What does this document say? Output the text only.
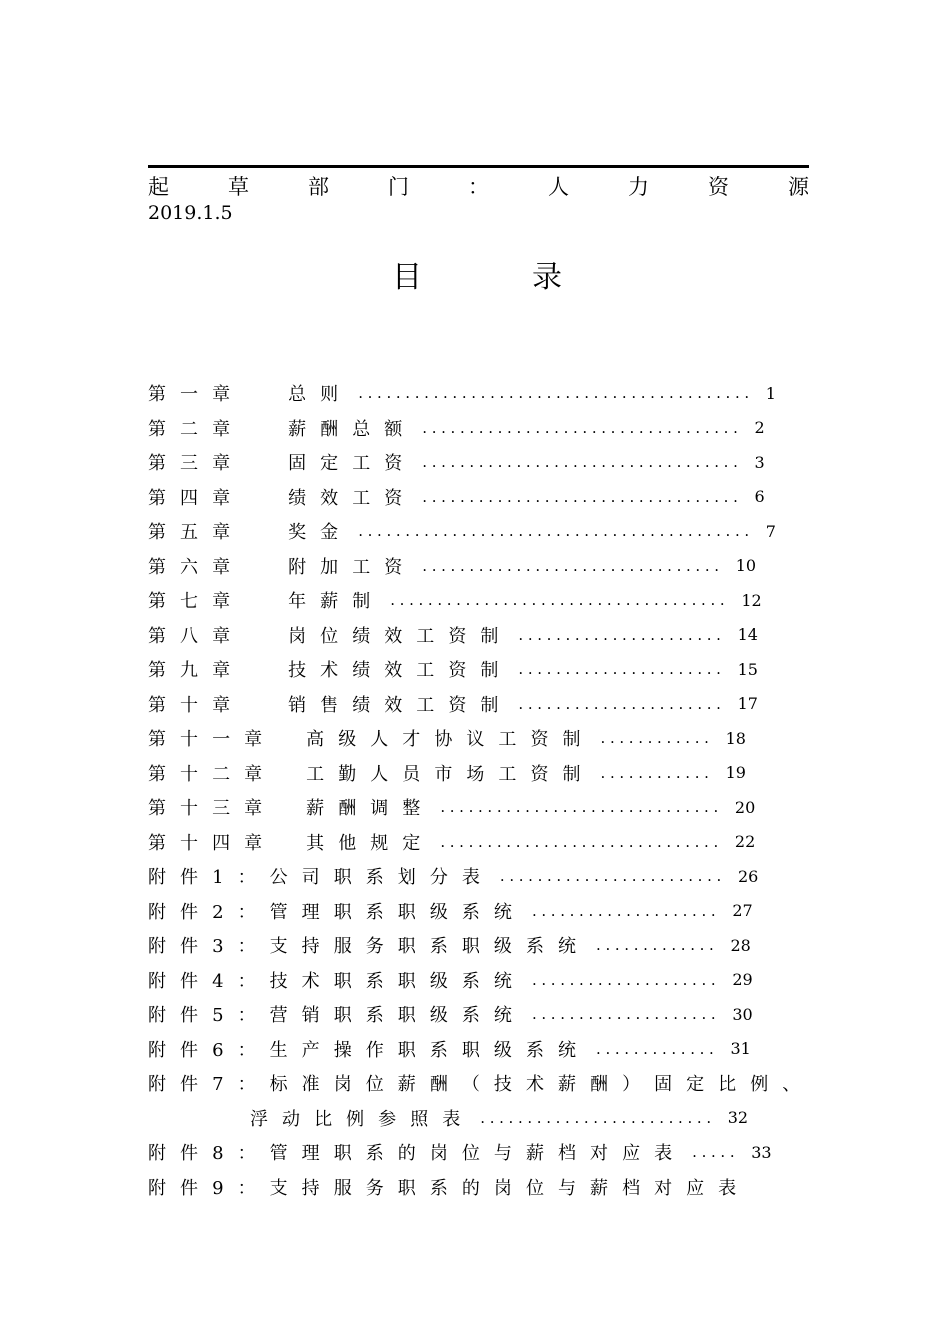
起	草	部	门	：	人	力	资	源
2019.1.5
目	录
第一章 总则 .......................................... 1
第二章 薪酬总额 .................................. 2
第三章 固定工资 .................................. 3
第四章 绩效工资 .................................. 6
第五章 奖金 .......................................... 7
第六章 附加工资 ................................ 10
第七章 年薪制 .................................... 12
第八章 岗位绩效工资制 ...................... 14
第九章 技术绩效工资制 ...................... 15
第十章 销售绩效工资制 ...................... 17
第十一章 高级人才协议工资制 ............ 18
第十二章 工勤人员市场工资制 ............ 19
第十三章 薪酬调整 .............................. 20
第十四章 其他规定 .............................. 22
附件1： 公司职系划分表 ........................ 26
附件2： 管理职系职级系统 .................... 27
附件3： 支持服务职系职级系统 ............. 28
附件4： 技术职系职级系统 .................... 29
附件5： 营销职系职级系统 .................... 30
附件6： 生产操作职系职级系统 ............. 31
附件7： 标准岗位薪酬（技术薪酬）固定比例、
浮动比例参照表 ......................... 32
附件8： 管理职系的岗位与薪档对应表 ..... 33
附件9： 支持服务职系的岗位与薪档对应表
